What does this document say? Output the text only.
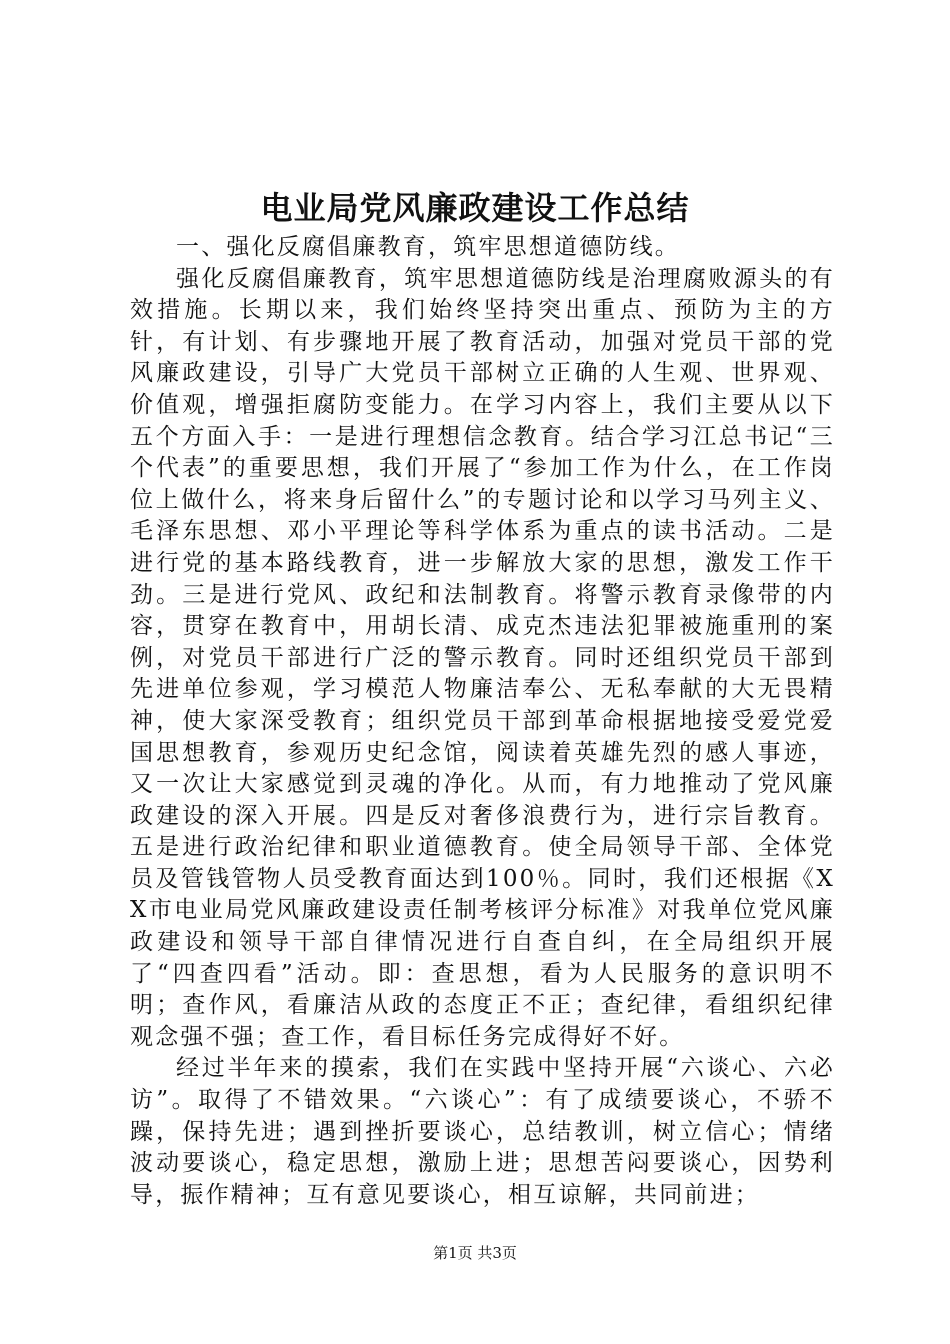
电业局党风廉政建设工作总结

一、强化反腐倡廉教育，筑牢思想道德防线。

强化反腐倡廉教育，筑牢思想道德防线是治理腐败源头的有效措施。长期以来，我们始终坚持突出重点、预防为主的方针，有计划、有步骤地开展了教育活动，加强对党员干部的党风廉政建设，引导广大党员干部树立正确的人生观、世界观、价值观，增强拒腐防变能力。在学习内容上，我们主要从以下五个方面入手：一是进行理想信念教育。结合学习江总书记“三个代表”的重要思想，我们开展了“参加工作为什么，在工作岗位上做什么，将来身后留什么”的专题讨论和以学习马列主义、毛泽东思想、邓小平理论等科学体系为重点的读书活动。二是进行党的基本路线教育，进一步解放大家的思想，激发工作干劲。三是进行党风、政纪和法制教育。将警示教育录像带的内容，贯穿在教育中，用胡长清、成克杰违法犯罪被施重刑的案例，对党员干部进行广泛的警示教育。同时还组织党员干部到先进单位参观，学习模范人物廉洁奉公、无私奉献的大无畏精神，使大家深受教育；组织党员干部到革命根据地接受爱党爱国思想教育，参观历史纪念馆，阅读着英雄先烈的感人事迹，又一次让大家感觉到灵魂的净化。从而，有力地推动了党风廉政建设的深入开展。四是反对奢侈浪费行为，进行宗旨教育。五是进行政治纪律和职业道德教育。使全局领导干部、全体党员及管钱管物人员受教育面达到100％。同时，我们还根据《XX市电业局党风廉政建设责任制考核评分标准》对我单位党风廉政建设和领导干部自律情况进行自查自纠，在全局组织开展了“四查四看”活动。即：查思想，看为人民服务的意识明不明；查作风，看廉洁从政的态度正不正；查纪律，看组织纪律观念强不强；查工作，看目标任务完成得好不好。

经过半年来的摸索，我们在实践中坚持开展“六谈心、六必访”。取得了不错效果。“六谈心”：有了成绩要谈心，不骄不躁，保持先进；遇到挫折要谈心，总结教训，树立信心；情绪波动要谈心，稳定思想，激励上进；思想苦闷要谈心，因势利导，振作精神；互有意见要谈心，相互谅解，共同前进；

第1页 共3页
